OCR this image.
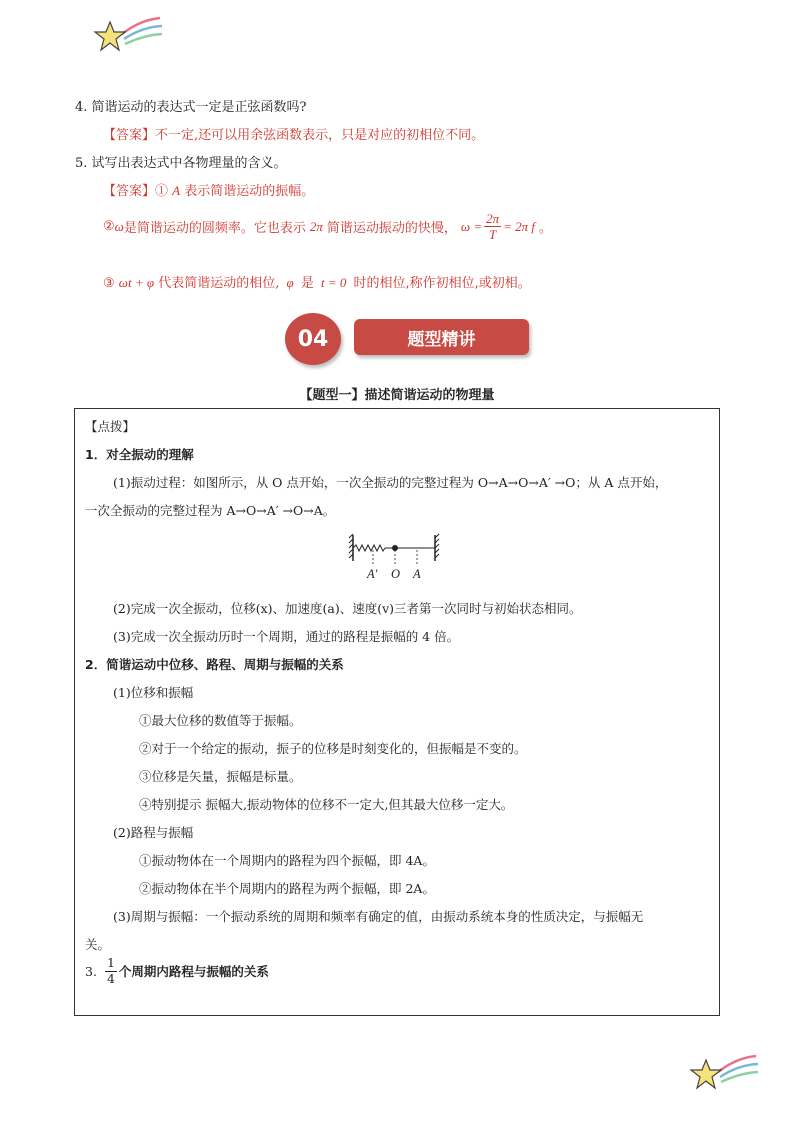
4. 简谐运动的表达式一定是正弦函数吗?
【答案】不一定,还可以用余弦函数表示，只是对应的初相位不同。
5. 试写出表达式中各物理量的含义。
【答案】① A 表示简谐运动的振幅。
② ω 是简谐运动的圆频率。它也表示 2π 简谐运动振动的快慢， $\omega = \frac{2\pi}{T} = 2\pi$ f 。
③ ωt + φ 代表简谐运动的相位, φ 是 t = 0 时的相位,称作初相位,或初相。
04	题型精讲
【题型一】描述简谐运动的物理量
【点拨】
1．对全振动的理解
(1)振动过程：如图所示，从 O 点开始，一次全振动的完整过程为 O→A→O→A′ →O；从 A 点开始，
一次全振动的完整过程为 A→O→A′ →O→A。
A′ O A
(2)完成一次全振动，位移(x)、加速度(a)、速度(v)三者第一次同时与初始状态相同。
(3)完成一次全振动历时一个周期，通过的路程是振幅的 4 倍。
2．简谐运动中位移、路程、周期与振幅的关系
(1)位移和振幅
①最大位移的数值等于振幅。
②对于一个给定的振动，振子的位移是时刻变化的，但振幅是不变的。
③位移是矢量，振幅是标量。
④特别提示 振幅大,振动物体的位移不一定大,但其最大位移一定大。
(2)路程与振幅
①振动物体在一个周期内的路程为四个振幅，即 4A。
②振动物体在半个周期内的路程为两个振幅，即 2A。
(3)周期与振幅：一个振动系统的周期和频率有确定的值，由振动系统本身的性质决定，与振幅无
关。
3. $\frac{1}{4}$ 个周期内路程与振幅的关系
